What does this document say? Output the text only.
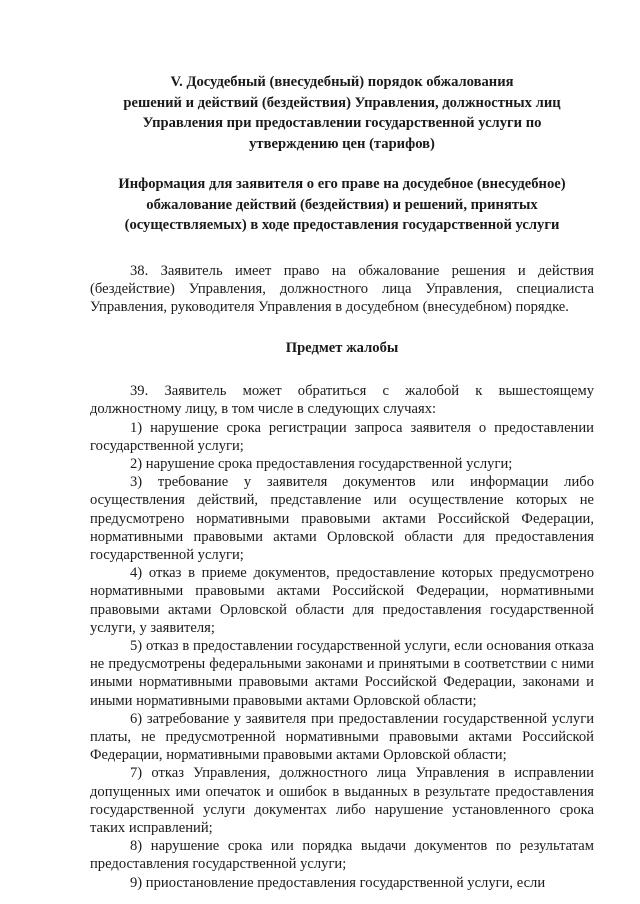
V. Досудебный (внесудебный) порядок обжалования
решений и действий (бездействия) Управления, должностных лиц
Управления при предоставлении государственной услуги по
утверждению цен (тарифов)
Информация для заявителя о его праве на досудебное (внесудебное)
обжалование действий (бездействия) и решений, принятых
(осуществляемых) в ходе предоставления государственной услуги

38. Заявитель имеет право на обжалование решения и действия (бездействие) Управления, должностного лица Управления, специалиста Управления, руководителя Управления в досудебном (внесудебном) порядке.

Предмет жалобы

39. Заявитель может обратиться с жалобой к вышестоящему должностному лицу, в том числе в следующих случаях:

1) нарушение срока регистрации запроса заявителя о предоставлении государственной услуги;

2) нарушение срока предоставления государственной услуги;

3) требование у заявителя документов или информации либо осуществления действий, представление или осуществление которых не предусмотрено нормативными правовыми актами Российской Федерации, нормативными правовыми актами Орловской области для предоставления государственной услуги;

4) отказ в приеме документов, предоставление которых предусмотрено нормативными правовыми актами Российской Федерации, нормативными правовыми актами Орловской области для предоставления государственной услуги, у заявителя;

5) отказ в предоставлении государственной услуги, если основания отказа не предусмотрены федеральными законами и принятыми в соответствии с ними иными нормативными правовыми актами Российской Федерации, законами и иными нормативными правовыми актами Орловской области;

6) затребование у заявителя при предоставлении государственной услуги платы, не предусмотренной нормативными правовыми актами Российской Федерации, нормативными правовыми актами Орловской области;

7) отказ Управления, должностного лица Управления в исправлении допущенных ими опечаток и ошибок в выданных в результате предоставления государственной услуги документах либо нарушение установленного срока таких исправлений;

8) нарушение срока или порядка выдачи документов по результатам предоставления государственной услуги;

9) приостановление предоставления государственной услуги, если
